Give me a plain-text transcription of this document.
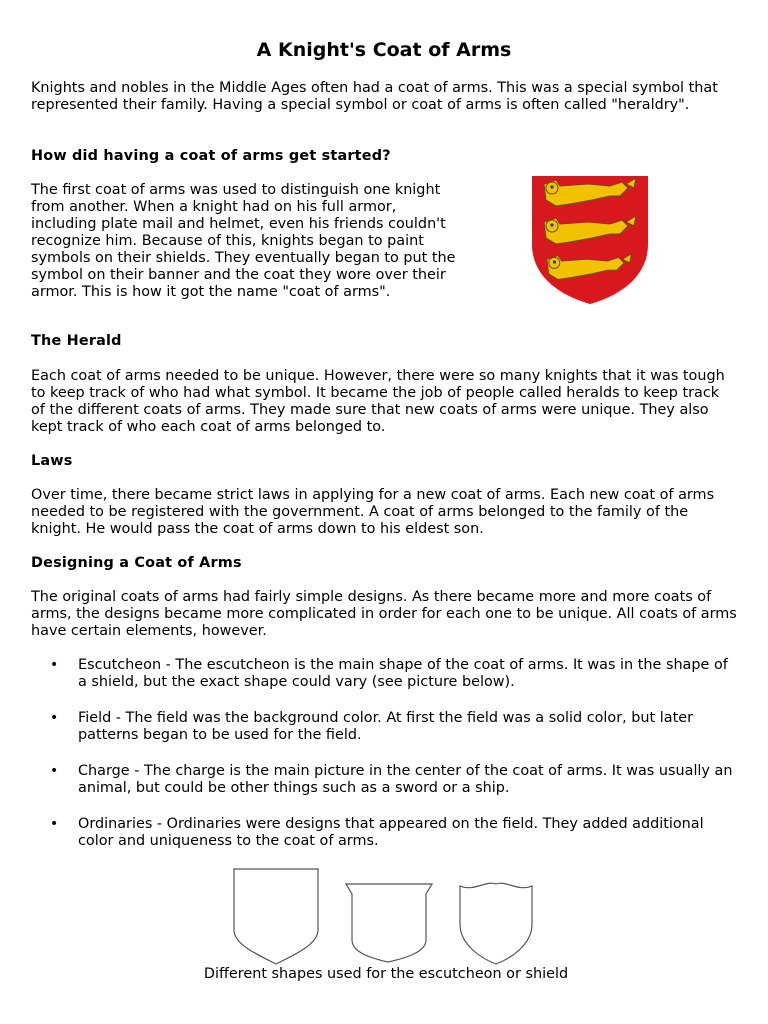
A Knight's Coat of Arms

Knights and nobles in the Middle Ages often had a coat of arms. This was a special symbol that represented their family. Having a special symbol or coat of arms is often called "heraldry".

How did having a coat of arms get started?

The first coat of arms was used to distinguish one knight from another. When a knight had on his full armor, including plate mail and helmet, even his friends couldn't recognize him. Because of this, knights began to paint symbols on their shields. They eventually began to put the symbol on their banner and the coat they wore over their armor. This is how it got the name "coat of arms".

The Herald

Each coat of arms needed to be unique. However, there were so many knights that it was tough to keep track of who had what symbol. It became the job of people called heralds to keep track of the different coats of arms. They made sure that new coats of arms were unique. They also kept track of who each coat of arms belonged to.

Laws

Over time, there became strict laws in applying for a new coat of arms. Each new coat of arms needed to be registered with the government. A coat of arms belonged to the family of the knight. He would pass the coat of arms down to his eldest son.

Designing a Coat of Arms

The original coats of arms had fairly simple designs. As there became more and more coats of arms, the designs became more complicated in order for each one to be unique. All coats of arms have certain elements, however.

• Escutcheon - The escutcheon is the main shape of the coat of arms. It was in the shape of a shield, but the exact shape could vary (see picture below).
• Field - The field was the background color. At first the field was a solid color, but later patterns began to be used for the field.
• Charge - The charge is the main picture in the center of the coat of arms. It was usually an animal, but could be other things such as a sword or a ship.
• Ordinaries - Ordinaries were designs that appeared on the field. They added additional color and uniqueness to the coat of arms.

Different shapes used for the escutcheon or shield
